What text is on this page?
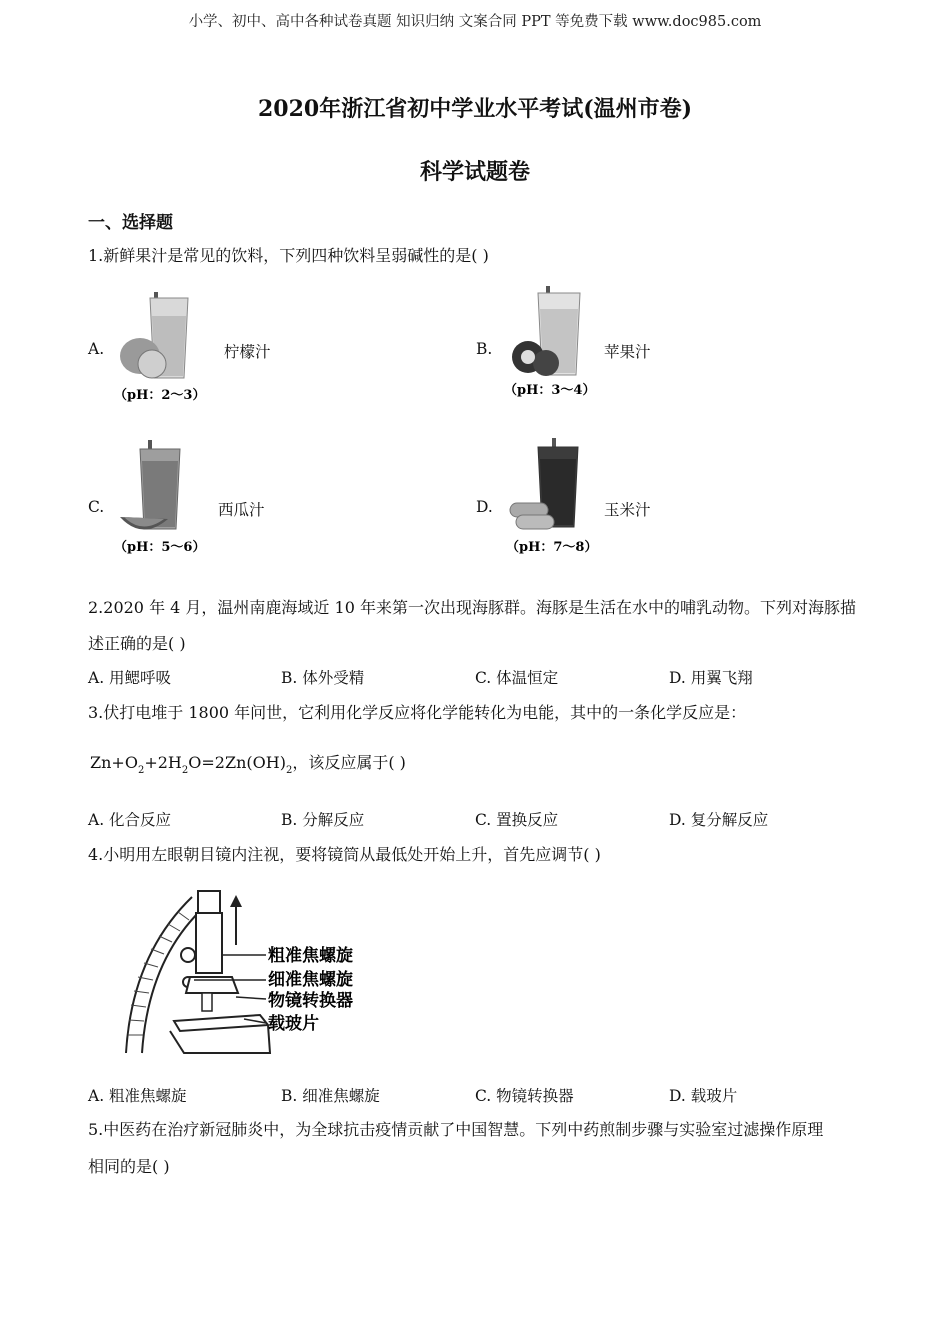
小学、初中、高中各种试卷真题 知识归纳 文案合同 PPT 等免费下载 www.doc985.com
2020年浙江省初中学业水平考试(温州市卷)
科学试题卷
一、选择题
1.新鲜果汁是常见的饮料，下列四种饮料呈弱碱性的是( )
A.
（pH：2～3）
柠檬汁	B.
（pH：3～4）
苹果汁
C.
（pH：5～6）
西瓜汁	D.
（pH：7～8）
玉米汁
2.2020 年 4 月，温州南鹿海域近 10 年来第一次出现海豚群。海豚是生活在水中的哺乳动物。下列对海豚描
述正确的是( )
A. 用鳃呼吸	B. 体外受精	C. 体温恒定	D. 用翼飞翔
3.伏打电堆于 1800 年问世，它利用化学反应将化学能转化为电能，其中的一条化学反应是：
$Zn+O_2+2H_2O=2Zn(OH)_2$，该反应属于( )
A. 化合反应	B. 分解反应	C. 置换反应	D. 复分解反应
4.小明用左眼朝目镜内注视，要将镜筒从最低处开始上升，首先应调节( )
粗准焦螺旋
细准焦螺旋
物镜转换器
载玻片
A. 粗准焦螺旋	B. 细准焦螺旋	C. 物镜转换器	D. 载玻片
5.中医药在治疗新冠肺炎中，为全球抗击疫情贡献了中国智慧。下列中药煎制步骤与实验室过滤操作原理
相同的是( )
